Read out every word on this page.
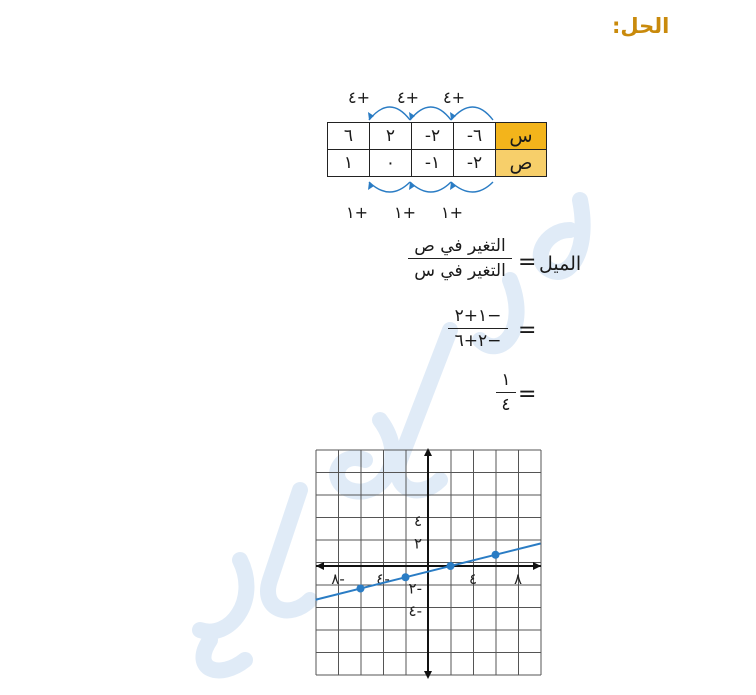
الحل:
+٤ +٤ +٤
٦	٢	٢-	٦-	س
١	٠	١-	٢-	ص
+١ +١ +١
الميل
=
التغير في ص
التغير في س
=
−١+٢
−٢+٦
=
١
٤
٨- ٤-	٤ ٨
٤
٢
٢-
٤-
